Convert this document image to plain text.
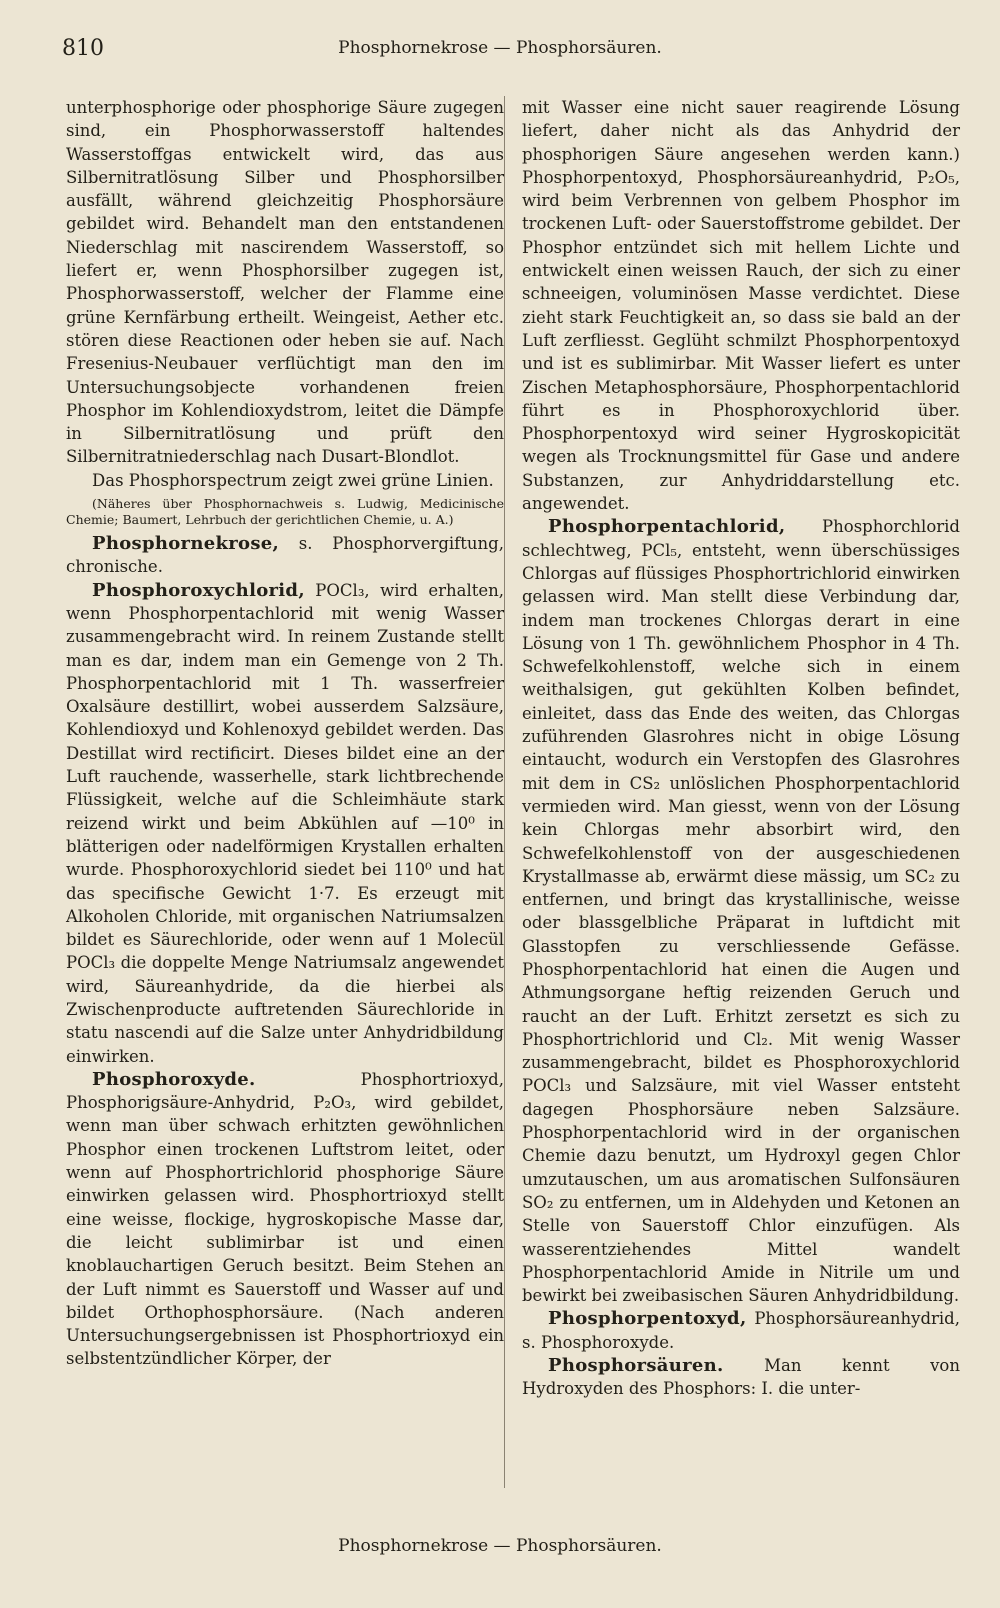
810	Phosphornekrose — Phosphorsäuren.

unterphosphorige oder phosphorige Säure zugegen sind, ein Phosphorwasserstoff haltendes Wasserstoffgas entwickelt wird, das aus Silbernitratlösung Silber und Phosphorsilber ausfällt, während gleichzeitig Phosphorsäure gebildet wird. Behandelt man den entstandenen Niederschlag mit nascirendem Wasserstoff, so liefert er, wenn Phosphorsilber zugegen ist, Phosphorwasserstoff, welcher der Flamme eine grüne Kernfärbung ertheilt. Weingeist, Aether etc. stören diese Reactionen oder heben sie auf. Nach Fresenius-Neubauer verflüchtigt man den im Untersuchungsobjecte vorhandenen freien Phosphor im Kohlendioxydstrom, leitet die Dämpfe in Silbernitratlösung und prüft den Silbernitratniederschlag nach Dusart-Blondlot.

Das Phosphorspectrum zeigt zwei grüne Linien.

(Näheres über Phosphornachweis s. Ludwig, Medicinische Chemie; Baumert, Lehrbuch der gerichtlichen Chemie, u. A.)

Phosphornekrose, s. Phosphorvergiftung, chronische.

Phosphoroxychlorid, POCl₃, wird erhalten, wenn Phosphorpentachlorid mit wenig Wasser zusammengebracht wird. In reinem Zustande stellt man es dar, indem man ein Gemenge von 2 Th. Phosphorpentachlorid mit 1 Th. wasserfreier Oxalsäure destillirt, wobei ausserdem Salzsäure, Kohlendioxyd und Kohlenoxyd gebildet werden. Das Destillat wird rectificirt. Dieses bildet eine an der Luft rauchende, wasserhelle, stark lichtbrechende Flüssigkeit, welche auf die Schleimhäute stark reizend wirkt und beim Abkühlen auf —10⁰ in blätterigen oder nadelförmigen Krystallen erhalten wurde. Phosphoroxychlorid siedet bei 110⁰ und hat das specifische Gewicht 1·7. Es erzeugt mit Alkoholen Chloride, mit organischen Natriumsalzen bildet es Säurechloride, oder wenn auf 1 Molecül POCl₃ die doppelte Menge Natriumsalz angewendet wird, Säureanhydride, da die hierbei als Zwischenproducte auftretenden Säurechloride in statu nascendi auf die Salze unter Anhydridbildung einwirken.

Phosphoroxyde. Phosphortrioxyd, Phosphorigsäure-Anhydrid, P₂O₃, wird gebildet, wenn man über schwach erhitzten gewöhnlichen Phosphor einen trockenen Luftstrom leitet, oder wenn auf Phosphortrichlorid phosphorige Säure einwirken gelassen wird. Phosphortrioxyd stellt eine weisse, flockige, hygroskopische Masse dar, die leicht sublimirbar ist und einen knoblauchartigen Geruch besitzt. Beim Stehen an der Luft nimmt es Sauerstoff und Wasser auf und bildet Orthophosphorsäure. (Nach anderen Untersuchungsergebnissen ist Phosphortrioxyd ein selbstentzündlicher Körper, der

mit Wasser eine nicht sauer reagirende Lösung liefert, daher nicht als das Anhydrid der phosphorigen Säure angesehen werden kann.) Phosphorpentoxyd, Phosphorsäureanhydrid, P₂O₅, wird beim Verbrennen von gelbem Phosphor im trockenen Luft- oder Sauerstoffstrome gebildet. Der Phosphor entzündet sich mit hellem Lichte und entwickelt einen weissen Rauch, der sich zu einer schneeigen, voluminösen Masse verdichtet. Diese zieht stark Feuchtigkeit an, so dass sie bald an der Luft zerfliesst. Geglüht schmilzt Phosphorpentoxyd und ist es sublimirbar. Mit Wasser liefert es unter Zischen Metaphosphorsäure, Phosphorpentachlorid führt es in Phosphoroxychlorid über. Phosphorpentoxyd wird seiner Hygroskopicität wegen als Trocknungsmittel für Gase und andere Substanzen, zur Anhydriddarstellung etc. angewendet.

Phosphorpentachlorid, Phosphorchlorid schlechtweg, PCl₅, entsteht, wenn überschüssiges Chlorgas auf flüssiges Phosphortrichlorid einwirken gelassen wird. Man stellt diese Verbindung dar, indem man trockenes Chlorgas derart in eine Lösung von 1 Th. gewöhnlichem Phosphor in 4 Th. Schwefelkohlenstoff, welche sich in einem weithalsigen, gut gekühlten Kolben befindet, einleitet, dass das Ende des weiten, das Chlorgas zuführenden Glasrohres nicht in obige Lösung eintaucht, wodurch ein Verstopfen des Glasrohres mit dem in CS₂ unlöslichen Phosphorpentachlorid vermieden wird. Man giesst, wenn von der Lösung kein Chlorgas mehr absorbirt wird, den Schwefelkohlenstoff von der ausgeschiedenen Krystallmasse ab, erwärmt diese mässig, um SC₂ zu entfernen, und bringt das krystallinische, weisse oder blassgelbliche Präparat in luftdicht mit Glasstopfen zu verschliessende Gefässe. Phosphorpentachlorid hat einen die Augen und Athmungsorgane heftig reizenden Geruch und raucht an der Luft. Erhitzt zersetzt es sich zu Phosphortrichlorid und Cl₂. Mit wenig Wasser zusammengebracht, bildet es Phosphoroxychlorid POCl₃ und Salzsäure, mit viel Wasser entsteht dagegen Phosphorsäure neben Salzsäure. Phosphorpentachlorid wird in der organischen Chemie dazu benutzt, um Hydroxyl gegen Chlor umzutauschen, um aus aromatischen Sulfonsäuren SO₂ zu entfernen, um in Aldehyden und Ketonen an Stelle von Sauerstoff Chlor einzufügen. Als wasserentziehendes Mittel wandelt Phosphorpentachlorid Amide in Nitrile um und bewirkt bei zweibasischen Säuren Anhydridbildung.

Phosphorpentoxyd, Phosphorsäureanhydrid, s. Phosphoroxyde.

Phosphorsäuren. Man kennt von Hydroxyden des Phosphors: I. die unter-

Phosphornekrose — Phosphorsäuren.
